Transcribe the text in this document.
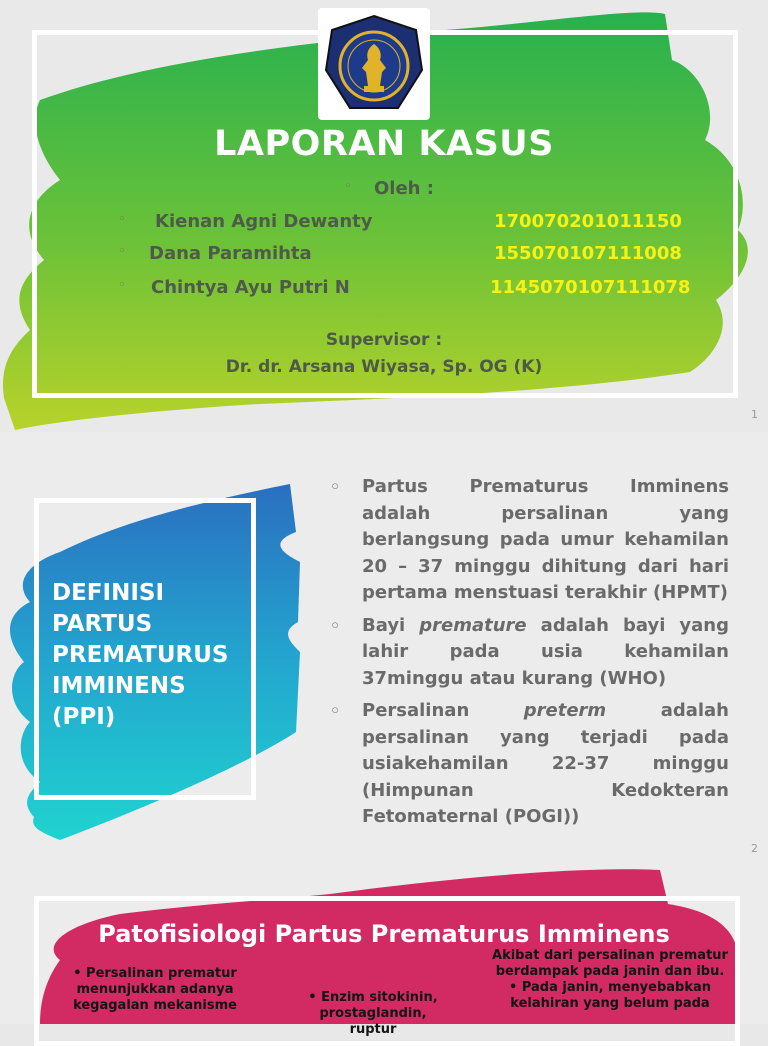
LAPORAN KASUS
◦ Oleh :
◦ Kienan Agni Dewanty	170070201011150
◦ Dana Paramihta	155070107111008
◦ Chintya Ayu Putri N	1145070107111078
Supervisor :
Dr. dr. Arsana Wiyasa, Sp. OG (K)
1
DEFINISI
PARTUS
PREMATURUS
IMMINENS
(PPI)

◦ Partus Prematurus Imminens adalah persalinan yang berlangsung pada umur kehamilan 20 – 37 minggu dihitung dari hari pertama menstuasi terakhir (HPMT)

◦ Bayi premature adalah bayi yang lahir pada usia kehamilan 37minggu atau kurang (WHO)

◦ Persalinan preterm adalah persalinan yang terjadi pada usiakehamilan 22-37 minggu (Himpunan Kedokteran Fetomaternal (POGI))

2
Patofisiologi Partus Prematurus Imminens
• Persalinan prematur menunjukkan adanya kegagalan mekanisme
• Enzim sitokinin, prostaglandin, ruptur
Akibat dari persalinan prematur
berdampak pada janin dan ibu.
• Pada janin, menyebabkan
kelahiran yang belum pada
